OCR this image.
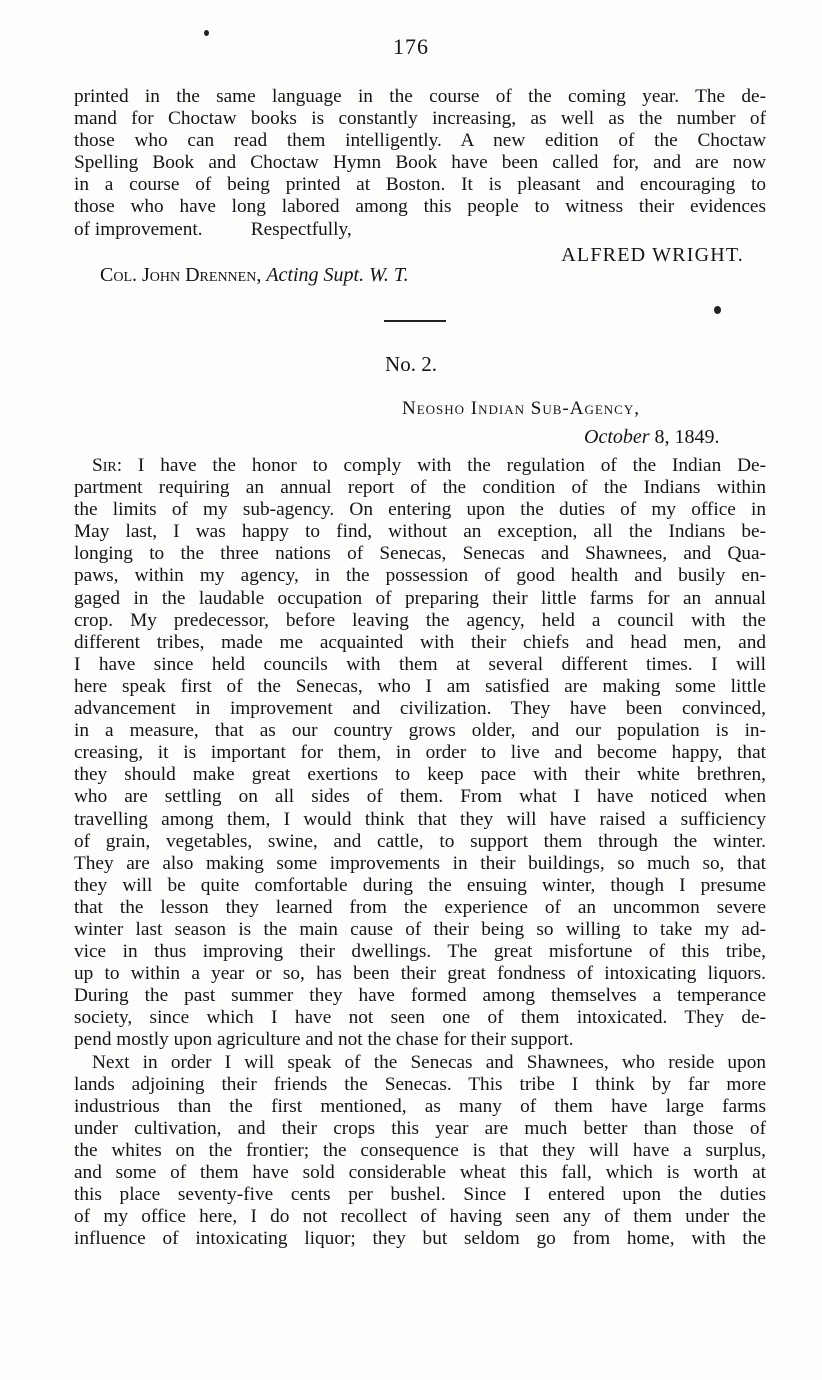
176
printed in the same language in the course of the coming year. The de-
mand for Choctaw books is constantly increasing, as well as the number of
those who can read them intelligently. A new edition of the Choctaw
Spelling Book and Choctaw Hymn Book have been called for, and are now
in a course of being printed at Boston. It is pleasant and encouraging to
those who have long labored among this people to witness their evidences
of improvement.          Respectfully,
ALFRED WRIGHT.
Col. John Drennen, Acting Supt. W. T.
No. 2.
Neosho Indian Sub-Agency,
October 8, 1849.
Sir: I have the honor to comply with the regulation of the Indian De-
partment requiring an annual report of the condition of the Indians within
the limits of my sub-agency. On entering upon the duties of my office in
May last, I was happy to find, without an exception, all the Indians be-
longing to the three nations of Senecas, Senecas and Shawnees, and Qua-
paws, within my agency, in the possession of good health and busily en-
gaged in the laudable occupation of preparing their little farms for an annual
crop. My predecessor, before leaving the agency, held a council with the
different tribes, made me acquainted with their chiefs and head men, and
I have since held councils with them at several different times. I will
here speak first of the Senecas, who I am satisfied are making some little
advancement in improvement and civilization. They have been convinced,
in a measure, that as our country grows older, and our population is in-
creasing, it is important for them, in order to live and become happy, that
they should make great exertions to keep pace with their white brethren,
who are settling on all sides of them. From what I have noticed when
travelling among them, I would think that they will have raised a sufficiency
of grain, vegetables, swine, and cattle, to support them through the winter.
They are also making some improvements in their buildings, so much so, that
they will be quite comfortable during the ensuing winter, though I presume
that the lesson they learned from the experience of an uncommon severe
winter last season is the main cause of their being so willing to take my ad-
vice in thus improving their dwellings. The great misfortune of this tribe,
up to within a year or so, has been their great fondness of intoxicating liquors.
During the past summer they have formed among themselves a temperance
society, since which I have not seen one of them intoxicated. They de-
pend mostly upon agriculture and not the chase for their support.
Next in order I will speak of the Senecas and Shawnees, who reside upon
lands adjoining their friends the Senecas. This tribe I think by far more
industrious than the first mentioned, as many of them have large farms
under cultivation, and their crops this year are much better than those of
the whites on the frontier; the consequence is that they will have a surplus,
and some of them have sold considerable wheat this fall, which is worth at
this place seventy-five cents per bushel. Since I entered upon the duties
of my office here, I do not recollect of having seen any of them under the
influence of intoxicating liquor; they but seldom go from home, with the
